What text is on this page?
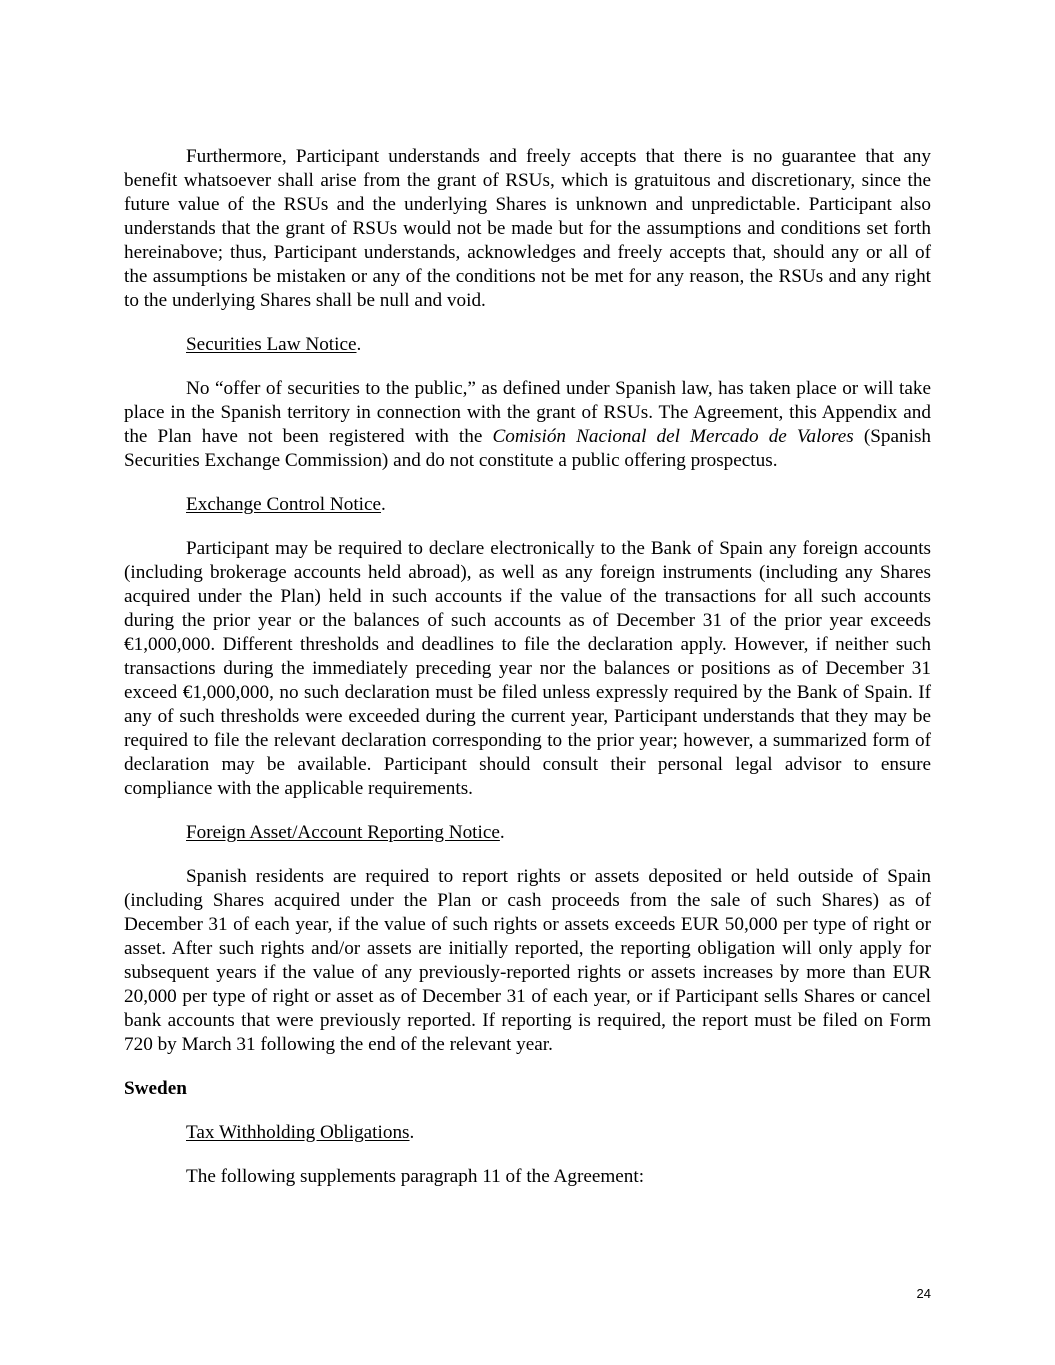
Furthermore, Participant understands and freely accepts that there is no guarantee that any benefit whatsoever shall arise from the grant of RSUs, which is gratuitous and discretionary, since the future value of the RSUs and the underlying Shares is unknown and unpredictable. Participant also understands that the grant of RSUs would not be made but for the assumptions and conditions set forth hereinabove; thus, Participant understands, acknowledges and freely accepts that, should any or all of the assumptions be mistaken or any of the conditions not be met for any reason, the RSUs and any right to the underlying Shares shall be null and void.

Securities Law Notice.

No “offer of securities to the public,” as defined under Spanish law, has taken place or will take place in the Spanish territory in connection with the grant of RSUs. The Agreement, this Appendix and the Plan have not been registered with the Comisión Nacional del Mercado de Valores (Spanish Securities Exchange Commission) and do not constitute a public offering prospectus.

Exchange Control Notice.

Participant may be required to declare electronically to the Bank of Spain any foreign accounts (including brokerage accounts held abroad), as well as any foreign instruments (including any Shares acquired under the Plan) held in such accounts if the value of the transactions for all such accounts during the prior year or the balances of such accounts as of December 31 of the prior year exceeds €1,000,000. Different thresholds and deadlines to file the declaration apply. However, if neither such transactions during the immediately preceding year nor the balances or positions as of December 31 exceed €1,000,000, no such declaration must be filed unless expressly required by the Bank of Spain. If any of such thresholds were exceeded during the current year, Participant understands that they may be required to file the relevant declaration corresponding to the prior year; however, a summarized form of declaration may be available. Participant should consult their personal legal advisor to ensure compliance with the applicable requirements.

Foreign Asset/Account Reporting Notice.

Spanish residents are required to report rights or assets deposited or held outside of Spain (including Shares acquired under the Plan or cash proceeds from the sale of such Shares) as of December 31 of each year, if the value of such rights or assets exceeds EUR 50,000 per type of right or asset. After such rights and/or assets are initially reported, the reporting obligation will only apply for subsequent years if the value of any previously-reported rights or assets increases by more than EUR 20,000 per type of right or asset as of December 31 of each year, or if Participant sells Shares or cancel bank accounts that were previously reported. If reporting is required, the report must be filed on Form 720 by March 31 following the end of the relevant year.

Sweden

Tax Withholding Obligations.

The following supplements paragraph 11 of the Agreement:

24
